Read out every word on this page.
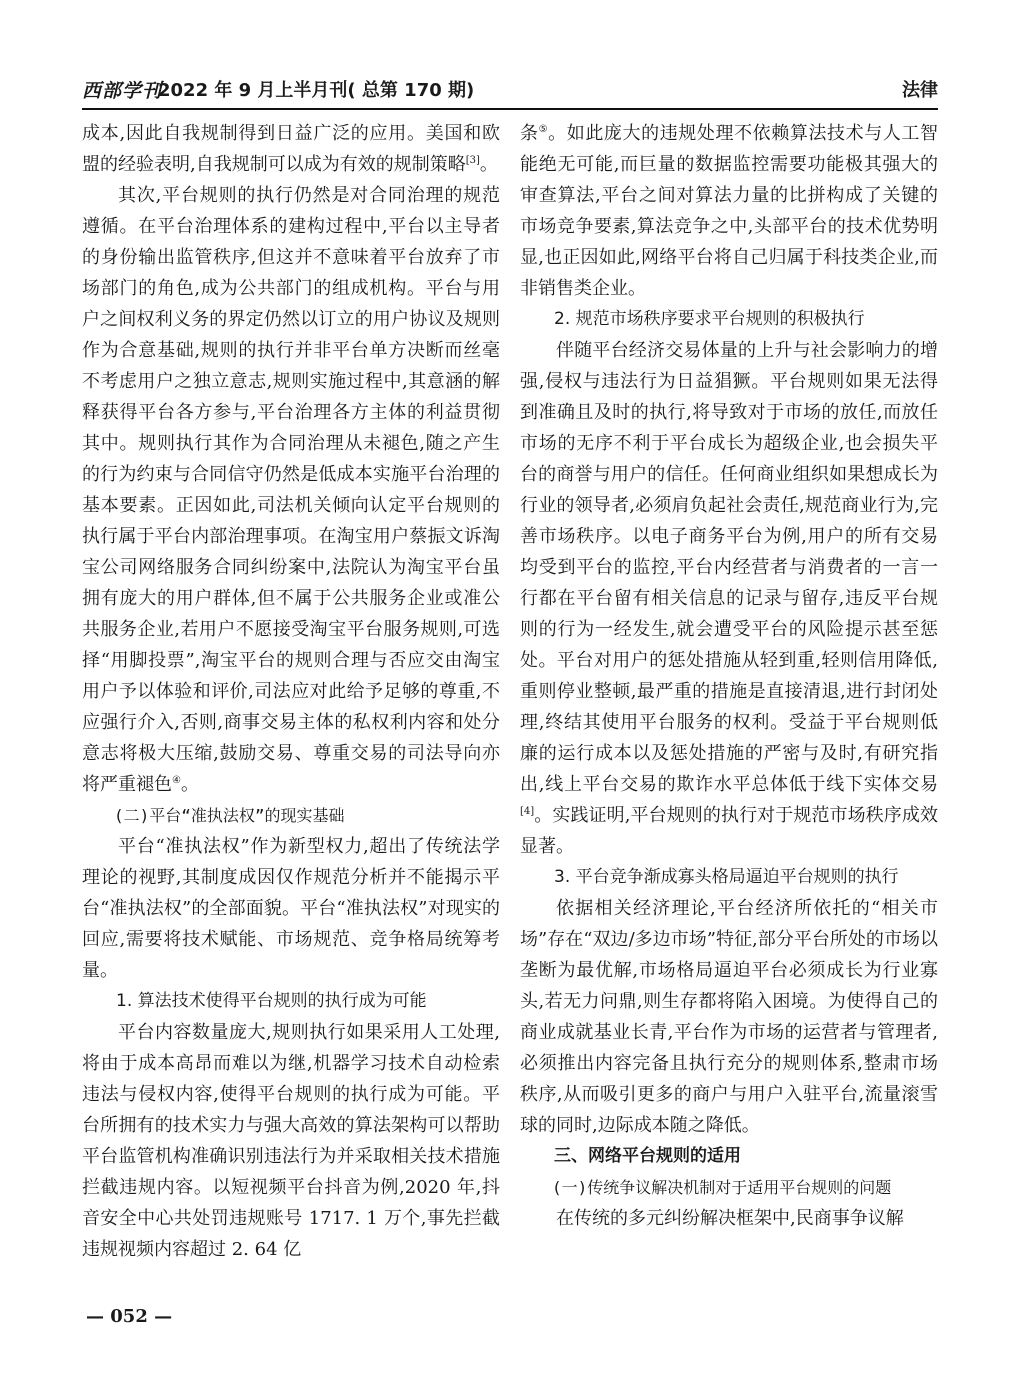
西部学刊
2022 年 9 月上半月刊( 总第 170 期)	法律

成本,因此自我规制得到日益广泛的应用。美国和欧盟的经验表明,自我规制可以成为有效的规制策略[3]。

其次,平台规则的执行仍然是对合同治理的规范遵循。在平台治理体系的建构过程中,平台以主导者的身份输出监管秩序,但这并不意味着平台放弃了市场部门的角色,成为公共部门的组成机构。平台与用户之间权利义务的界定仍然以订立的用户协议及规则作为合意基础,规则的执行并非平台单方决断而丝毫不考虑用户之独立意志,规则实施过程中,其意涵的解释获得平台各方参与,平台治理各方主体的利益贯彻其中。规则执行其作为合同治理从未褪色,随之产生的行为约束与合同信守仍然是低成本实施平台治理的基本要素。正因如此,司法机关倾向认定平台规则的执行属于平台内部治理事项。在淘宝用户蔡振文诉淘宝公司网络服务合同纠纷案中,法院认为淘宝平台虽拥有庞大的用户群体,但不属于公共服务企业或准公共服务企业,若用户不愿接受淘宝平台服务规则,可选择“用脚投票”,淘宝平台的规则合理与否应交由淘宝用户予以体验和评价,司法应对此给予足够的尊重,不应强行介入,否则,商事交易主体的私权利内容和处分意志将极大压缩,鼓励交易、尊重交易的司法导向亦将严重褪色④。

(二)平台“准执法权”的现实基础

平台“准执法权”作为新型权力,超出了传统法学理论的视野,其制度成因仅作规范分析并不能揭示平台“准执法权”的全部面貌。平台“准执法权”对现实的回应,需要将技术赋能、市场规范、竞争格局统筹考量。

1. 算法技术使得平台规则的执行成为可能

平台内容数量庞大,规则执行如果采用人工处理,将由于成本高昂而难以为继,机器学习技术自动检索违法与侵权内容,使得平台规则的执行成为可能。平台所拥有的技术实力与强大高效的算法架构可以帮助平台监管机构准确识别违法行为并采取相关技术措施拦截违规内容。以短视频平台抖音为例,2020 年,抖音安全中心共处罚违规账号 1717. 1 万个,事先拦截违规视频内容超过 2. 64 亿

条⑤。如此庞大的违规处理不依赖算法技术与人工智能绝无可能,而巨量的数据监控需要功能极其强大的审查算法,平台之间对算法力量的比拼构成了关键的市场竞争要素,算法竞争之中,头部平台的技术优势明显,也正因如此,网络平台将自己归属于科技类企业,而非销售类企业。

2. 规范市场秩序要求平台规则的积极执行

伴随平台经济交易体量的上升与社会影响力的增强,侵权与违法行为日益猖獗。平台规则如果无法得到准确且及时的执行,将导致对于市场的放任,而放任市场的无序不利于平台成长为超级企业,也会损失平台的商誉与用户的信任。任何商业组织如果想成长为行业的领导者,必须肩负起社会责任,规范商业行为,完善市场秩序。以电子商务平台为例,用户的所有交易均受到平台的监控,平台内经营者与消费者的一言一行都在平台留有相关信息的记录与留存,违反平台规则的行为一经发生,就会遭受平台的风险提示甚至惩处。平台对用户的惩处措施从轻到重,轻则信用降低,重则停业整顿,最严重的措施是直接清退,进行封闭处理,终结其使用平台服务的权利。受益于平台规则低廉的运行成本以及惩处措施的严密与及时,有研究指出,线上平台交易的欺诈水平总体低于线下实体交易[4]。实践证明,平台规则的执行对于规范市场秩序成效显著。

3. 平台竞争渐成寡头格局逼迫平台规则的执行

依据相关经济理论,平台经济所依托的“相关市场”存在“双边/多边市场”特征,部分平台所处的市场以垄断为最优解,市场格局逼迫平台必须成长为行业寡头,若无力问鼎,则生存都将陷入困境。为使得自己的商业成就基业长青,平台作为市场的运营者与管理者,必须推出内容完备且执行充分的规则体系,整肃市场秩序,从而吸引更多的商户与用户入驻平台,流量滚雪球的同时,边际成本随之降低。

三、网络平台规则的适用

(一)传统争议解决机制对于适用平台规则的问题

在传统的多元纠纷解决框架中,民商事争议解

— 052 —
